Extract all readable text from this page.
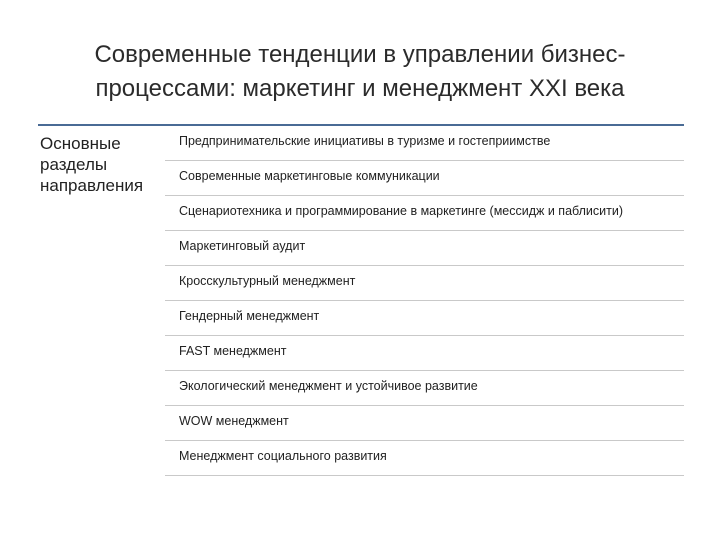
Современные тенденции в управлении бизнес-
процессами: маркетинг и менеджмент XXI века
Основные
разделы
направления
Предпринимательские инициативы в туризме и гостеприимстве
Современные маркетинговые коммуникации
Сценариотехника и программирование в маркетинге (мессидж и паблисити)
Маркетинговый аудит
Кросскультурный менеджмент
Гендерный менеджмент
FAST менеджмент
Экологический менеджмент и устойчивое развитие
WOW менеджмент
Менеджмент социального развития
